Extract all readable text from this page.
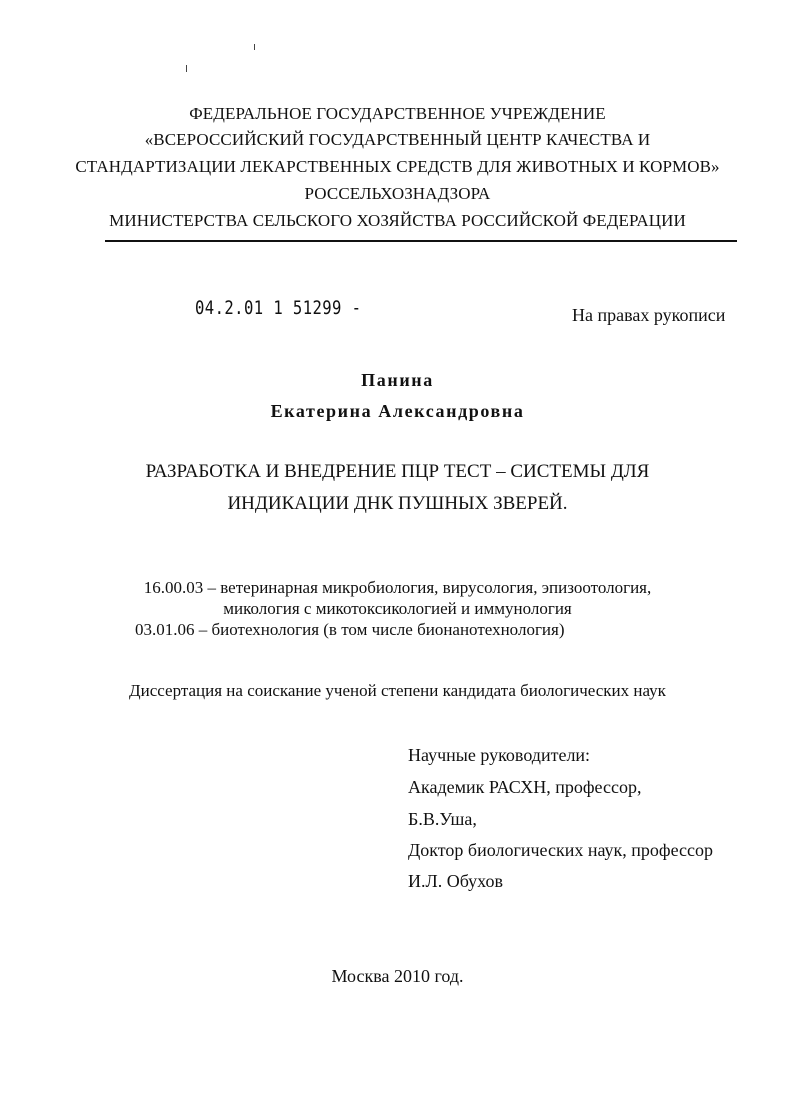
ФЕДЕРАЛЬНОЕ ГОСУДАРСТВЕННОЕ УЧРЕЖДЕНИЕ
«ВСЕРОССИЙСКИЙ ГОСУДАРСТВЕННЫЙ ЦЕНТР КАЧЕСТВА И
СТАНДАРТИЗАЦИИ ЛЕКАРСТВЕННЫХ СРЕДСТВ ДЛЯ ЖИВОТНЫХ И КОРМОВ»
РОССЕЛЬХОЗНАДЗОРА
МИНИСТЕРСТВА СЕЛЬСКОГО ХОЗЯЙСТВА РОССИЙСКОЙ ФЕДЕРАЦИИ
04.2.01 1 51299 -	На правах рукописи
Панина
Екатерина Александровна
РАЗРАБОТКА И ВНЕДРЕНИЕ ПЦР ТЕСТ – СИСТЕМЫ ДЛЯ
ИНДИКАЦИИ ДНК ПУШНЫХ ЗВЕРЕЙ.
16.00.03 – ветеринарная микробиология, вирусология, эпизоотология,
микология с микотоксикологией и иммунология
03.01.06 – биотехнология (в том числе бионанотехнология)
Диссертация на соискание ученой степени кандидата биологических наук
Научные руководители:
Академик РАСХН, профессор,
Б.В.Уша,
Доктор биологических наук, профессор
И.Л. Обухов
Москва 2010 год.
